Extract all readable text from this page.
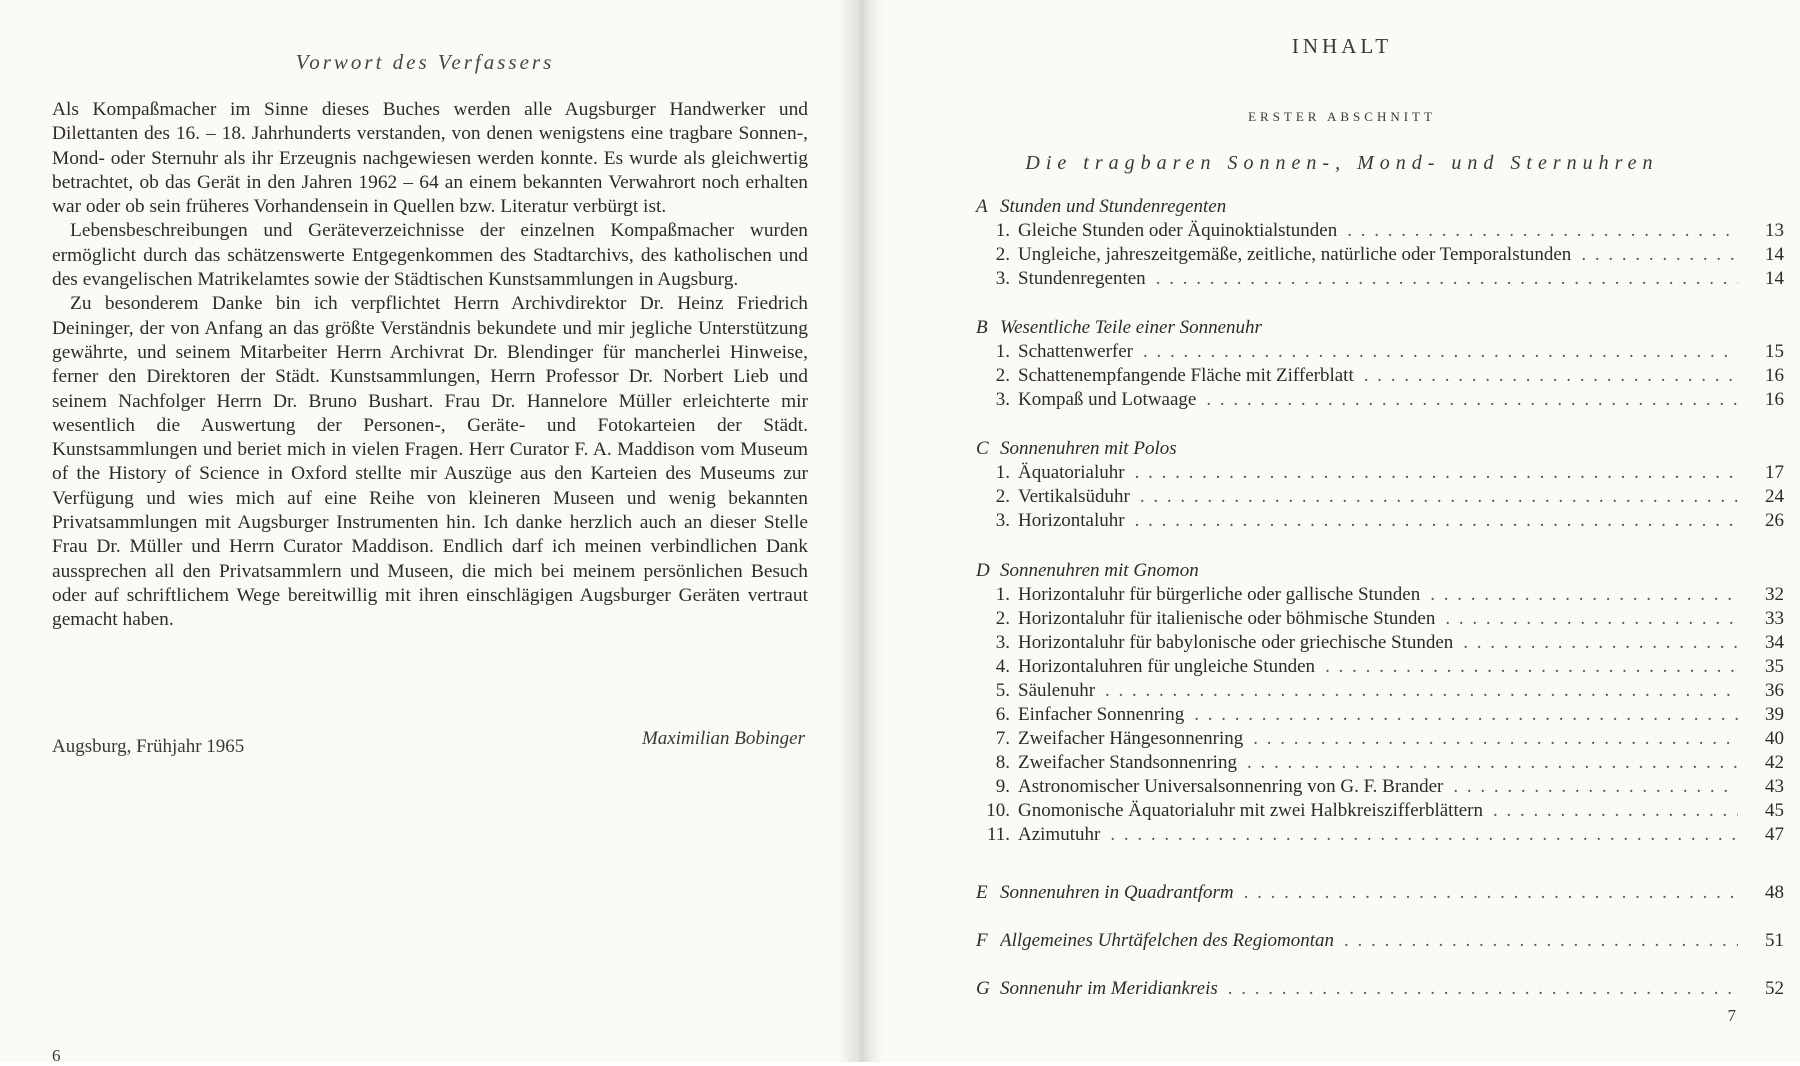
Vorwort des Verfassers

Als Kompaßmacher im Sinne dieses Buches werden alle Augsburger Handwerker und Dilettanten des 16. – 18. Jahrhunderts verstanden, von denen wenigstens eine tragbare Sonnen-, Mond- oder Sternuhr als ihr Erzeugnis nachgewiesen werden konnte. Es wurde als gleichwertig betrachtet, ob das Gerät in den Jahren 1962 – 64 an einem bekannten Verwahrort noch erhalten war oder ob sein früheres Vorhandensein in Quellen bzw. Literatur verbürgt ist.

Lebensbeschreibungen und Geräteverzeichnisse der einzelnen Kompaßmacher wurden ermöglicht durch das schätzenswerte Entgegenkommen des Stadtarchivs, des katholischen und des evangelischen Matrikelamtes sowie der Städtischen Kunstsammlungen in Augsburg.

Zu besonderem Danke bin ich verpflichtet Herrn Archivdirektor Dr. Heinz Friedrich Deininger, der von Anfang an das größte Verständnis bekundete und mir jegliche Unterstützung gewährte, und seinem Mitarbeiter Herrn Archivrat Dr. Blendinger für mancherlei Hinweise, ferner den Direktoren der Städt. Kunstsammlungen, Herrn Professor Dr. Norbert Lieb und seinem Nachfolger Herrn Dr. Bruno Bushart. Frau Dr. Hannelore Müller erleichterte mir wesentlich die Auswertung der Personen-, Geräte- und Fotokarteien der Städt. Kunstsammlungen und beriet mich in vielen Fragen. Herr Curator F. A. Maddison vom Museum of the History of Science in Oxford stellte mir Auszüge aus den Karteien des Museums zur Verfügung und wies mich auf eine Reihe von kleineren Museen und wenig bekannten Privatsammlungen mit Augsburger Instrumenten hin. Ich danke herzlich auch an dieser Stelle Frau Dr. Müller und Herrn Curator Maddison. Endlich darf ich meinen verbindlichen Dank aussprechen all den Privatsammlern und Museen, die mich bei meinem persönlichen Besuch oder auf schriftlichem Wege bereitwillig mit ihren einschlägigen Augsburger Geräten vertraut gemacht haben.

Augsburg, Frühjahr 1965	Maximilian Bobinger
6
INHALT
ERSTER ABSCHNITT
Die tragbaren Sonnen-, Mond- und Sternuhren
A Stunden und Stundenregenten
1. Gleiche Stunden oder Äquinoktialstunden . . .	13
2. Ungleiche, jahreszeitgemäße, zeitliche, natürliche oder Temporalstunden . . .	14
3. Stundenregenten . . .	14
B Wesentliche Teile einer Sonnenuhr
1. Schattenwerfer . . .	15
2. Schattenempfangende Fläche mit Zifferblatt . . .	16
3. Kompaß und Lotwaage . . .	16
C Sonnenuhren mit Polos
1. Äquatorialuhr . . .	17
2. Vertikalsüduhr . . .	24
3. Horizontaluhr . . .	26
D Sonnenuhren mit Gnomon
1. Horizontaluhr für bürgerliche oder gallische Stunden . . .	32
2. Horizontaluhr für italienische oder böhmische Stunden . . .	33
3. Horizontaluhr für babylonische oder griechische Stunden . . .	34
4. Horizontaluhren für ungleiche Stunden . . .	35
5. Säulenuhr . . .	36
6. Einfacher Sonnenring . . .	39
7. Zweifacher Hängesonnenring . . .	40
8. Zweifacher Standsonnenring . . .	42
9. Astronomischer Universalsonnenring von G. F. Brander . . .	43
10. Gnomonische Äquatorialuhr mit zwei Halbkreiszifferblättern . . .	45
11. Azimutuhr . . .	47
E Sonnenuhren in Quadrantform . . .	48
F Allgemeines Uhrtäfelchen des Regiomontan . . .	51
G Sonnenuhr im Meridiankreis . . .	52
7
